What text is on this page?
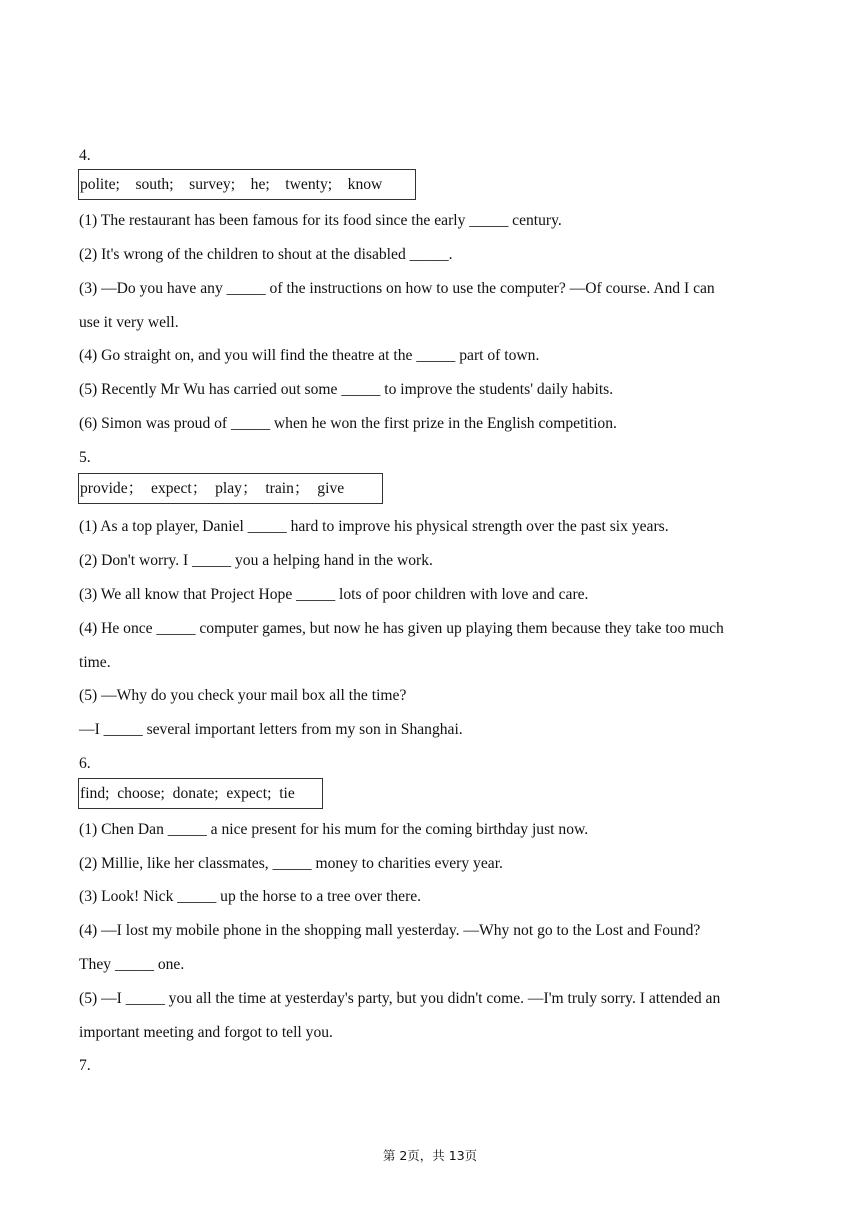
4.
polite;    south;    survey;    he;    twenty;    know
(1) The restaurant has been famous for its food since the early _____ century.
(2) It's wrong of the children to shout at the disabled _____.
(3) —Do you have any _____ of the instructions on how to use the computer? —Of course. And I can
use it very well.
(4) Go straight on, and you will find the theatre at the _____ part of town.
(5) Recently Mr Wu has carried out some _____ to improve the students' daily habits.
(6) Simon was proud of _____ when he won the first prize in the English competition.
5.
provide；  expect；  play；  train；  give
(1) As a top player, Daniel _____ hard to improve his physical strength over the past six years.
(2) Don't worry. I _____ you a helping hand in the work.
(3) We all know that Project Hope _____ lots of poor children with love and care.
(4) He once _____ computer games, but now he has given up playing them because they take too much
time.
(5) —Why do you check your mail box all the time?
—I _____ several important letters from my son in Shanghai.
6.
find;  choose;  donate;  expect;  tie
(1) Chen Dan _____ a nice present for his mum for the coming birthday just now.
(2) Millie, like her classmates, _____ money to charities every year.
(3) Look! Nick _____ up the horse to a tree over there.
(4) —I lost my mobile phone in the shopping mall yesterday. —Why not go to the Lost and Found?
They _____ one.
(5) —I _____ you all the time at yesterday's party, but you didn't come. —I'm truly sorry. I attended an
important meeting and forgot to tell you.
7.
第 2页，共 13页
